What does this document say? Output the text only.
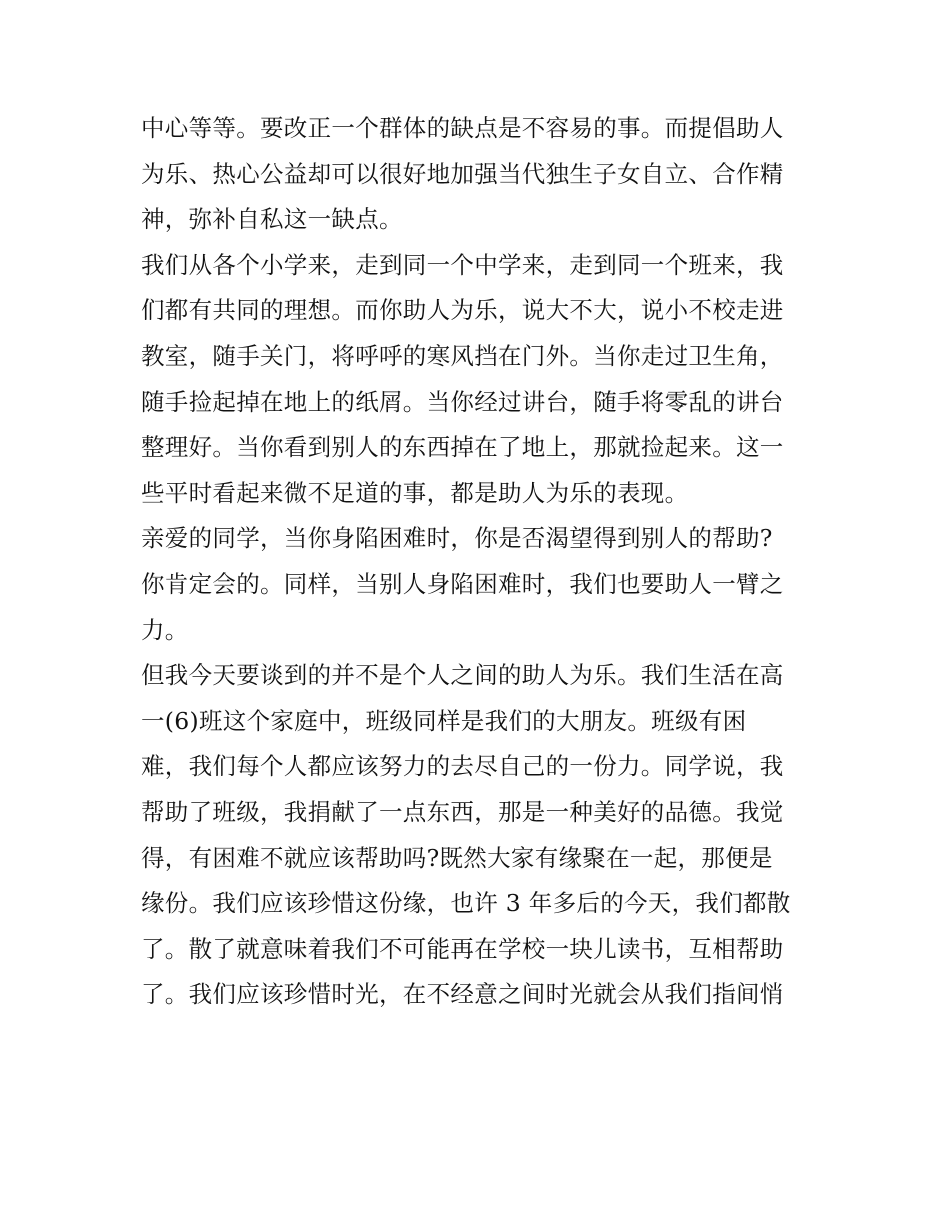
中心等等。要改正一个群体的缺点是不容易的事。而提倡助人
为乐、热心公益却可以很好地加强当代独生子女自立、合作精
神，弥补自私这一缺点。
我们从各个小学来，走到同一个中学来，走到同一个班来，我
们都有共同的理想。而你助人为乐，说大不大，说小不校走进
教室，随手关门，将呼呼的寒风挡在门外。当你走过卫生角，
随手捡起掉在地上的纸屑。当你经过讲台，随手将零乱的讲台
整理好。当你看到别人的东西掉在了地上，那就捡起来。这一
些平时看起来微不足道的事，都是助人为乐的表现。
亲爱的同学，当你身陷困难时，你是否渴望得到别人的帮助?
你肯定会的。同样，当别人身陷困难时，我们也要助人一臂之
力。
但我今天要谈到的并不是个人之间的助人为乐。我们生活在高
一(6)班这个家庭中，班级同样是我们的大朋友。班级有困
难，我们每个人都应该努力的去尽自己的一份力。同学说，我
帮助了班级，我捐献了一点东西，那是一种美好的品德。我觉
得，有困难不就应该帮助吗?既然大家有缘聚在一起，那便是
缘份。我们应该珍惜这份缘，也许 3 年多后的今天，我们都散
了。散了就意味着我们不可能再在学校一块儿读书，互相帮助
了。我们应该珍惜时光，在不经意之间时光就会从我们指间悄
